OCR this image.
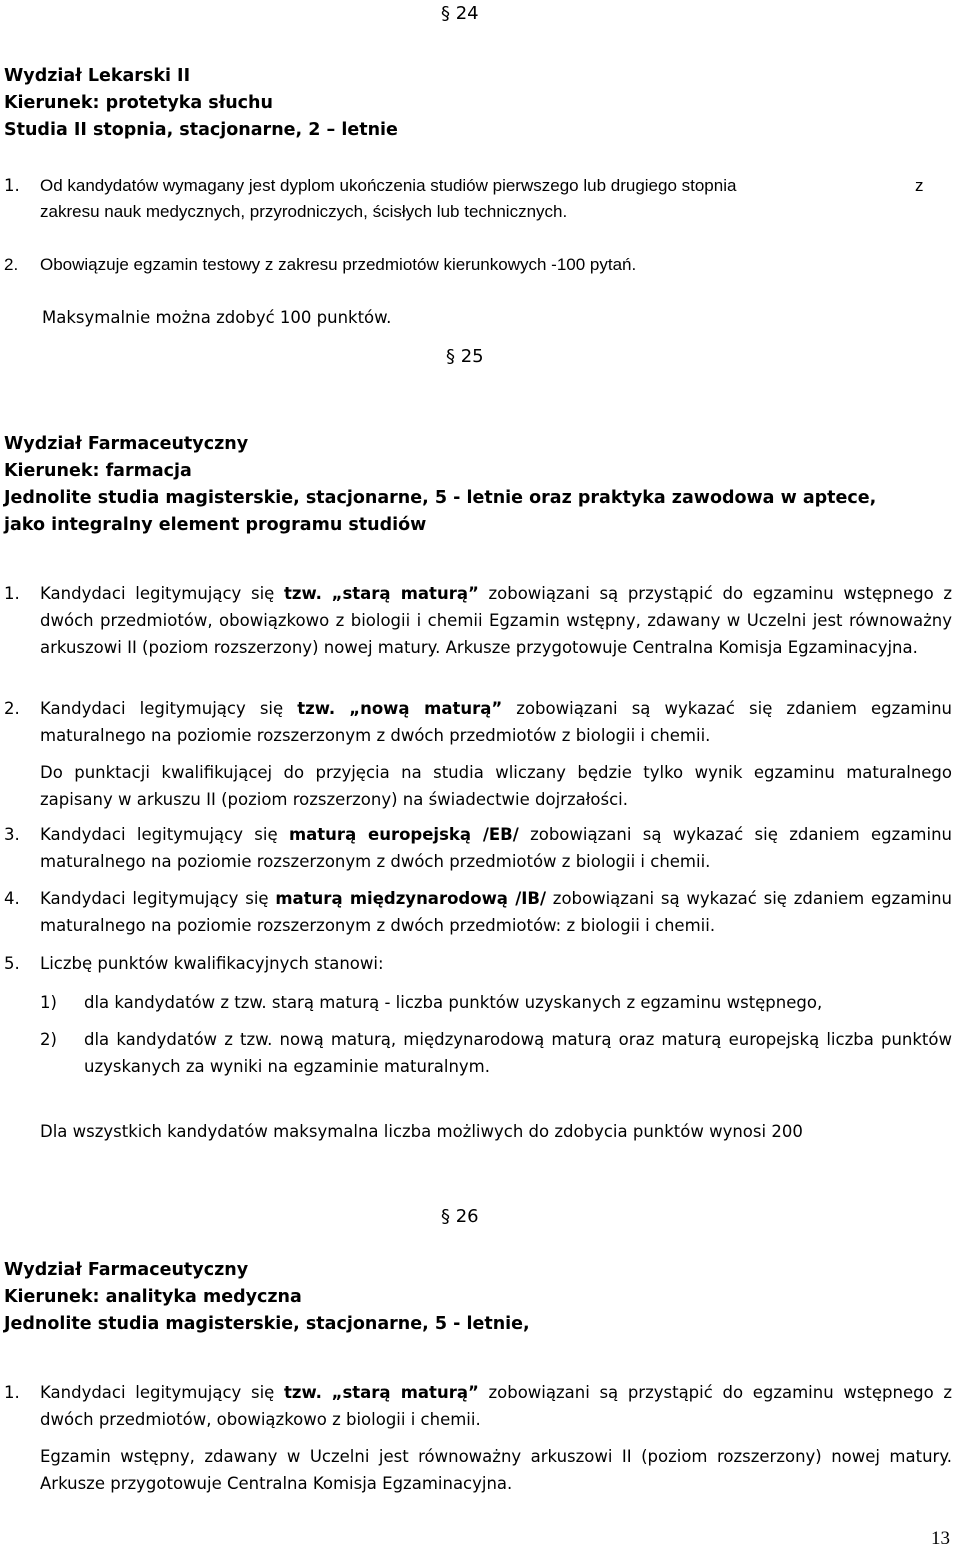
§ 24
Wydział Lekarski II
Kierunek: protetyka słuchu
Studia II stopnia, stacjonarne, 2 – letnie
1. Od kandydatów wymagany jest dyplom ukończenia studiów pierwszego lub drugiego stopnia	z
zakresu nauk medycznych, przyrodniczych, ścisłych lub technicznych.
2. Obowiązuje egzamin testowy z zakresu przedmiotów kierunkowych -100 pytań.
Maksymalnie można zdobyć 100 punktów.
§ 25
Wydział Farmaceutyczny
Kierunek: farmacja
Jednolite studia magisterskie, stacjonarne, 5 - letnie oraz praktyka zawodowa w aptece,
jako integralny element programu studiów
1. Kandydaci legitymujący się tzw. „starą maturą” zobowiązani są przystąpić do egzaminu wstępnego z dwóch przedmiotów, obowiązkowo z biologii i chemii Egzamin wstępny, zdawany w Uczelni jest równoważny arkuszowi II (poziom rozszerzony) nowej matury. Arkusze przygotowuje Centralna Komisja Egzaminacyjna.
2. Kandydaci legitymujący się tzw. „nową maturą” zobowiązani są wykazać się zdaniem egzaminu maturalnego na poziomie rozszerzonym z dwóch przedmiotów z biologii i chemii.
Do punktacji kwalifikującej do przyjęcia na studia wliczany będzie tylko wynik egzaminu maturalnego zapisany w arkuszu II (poziom rozszerzony) na świadectwie dojrzałości.
3. Kandydaci legitymujący się maturą europejską /EB/ zobowiązani są wykazać się zdaniem egzaminu maturalnego na poziomie rozszerzonym z dwóch przedmiotów z biologii i chemii.
4. Kandydaci legitymujący się maturą międzynarodową /IB/ zobowiązani są wykazać się zdaniem egzaminu maturalnego na poziomie rozszerzonym z dwóch przedmiotów: z biologii i chemii.
5. Liczbę punktów kwalifikacyjnych stanowi:
1) dla kandydatów z tzw. starą maturą - liczba punktów uzyskanych z egzaminu wstępnego,
2) dla kandydatów z tzw. nową maturą, międzynarodową maturą oraz maturą europejską liczba punktów uzyskanych za wyniki na egzaminie maturalnym.
Dla wszystkich kandydatów maksymalna liczba możliwych do zdobycia punktów wynosi 200
§ 26
Wydział Farmaceutyczny
Kierunek: analityka medyczna
Jednolite studia magisterskie, stacjonarne, 5 - letnie,
1. Kandydaci legitymujący się tzw. „starą maturą” zobowiązani są przystąpić do egzaminu wstępnego z dwóch przedmiotów, obowiązkowo z biologii i chemii.
Egzamin wstępny, zdawany w Uczelni jest równoważny arkuszowi II (poziom rozszerzony) nowej matury. Arkusze przygotowuje Centralna Komisja Egzaminacyjna.
13
